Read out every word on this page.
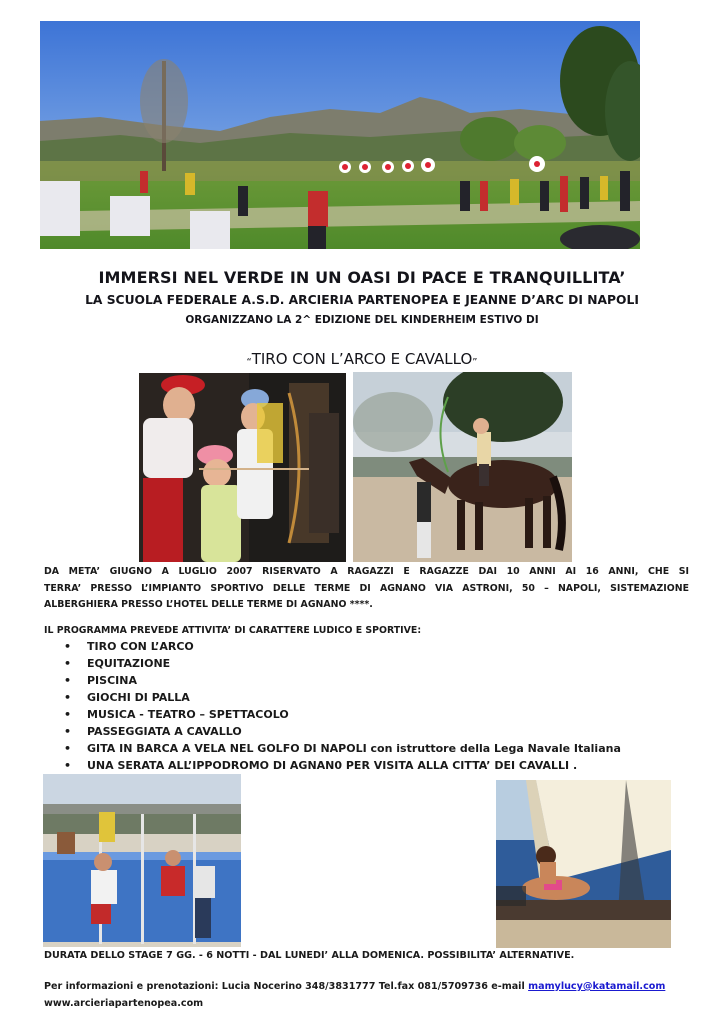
IMMERSI NEL VERDE IN UN OASI DI PACE E TRANQUILLITA’
LA SCUOLA FEDERALE A.S.D. ARCIERIA PARTENOPEA E JEANNE D’ARC DI NAPOLI
ORGANIZZANO LA 2^ EDIZIONE DEL KINDERHEIM ESTIVO DI
“TIRO CON L’ARCO E CAVALLO”
DA META’ GIUGNO A LUGLIO 2007 RISERVATO A RAGAZZI E RAGAZZE DAI 10 ANNI AI 16 ANNI, CHE SI
TERRA’ PRESSO L’IMPIANTO SPORTIVO DELLE TERME DI AGNANO VIA ASTRONI, 50 – NAPOLI, SISTEMAZIONE
ALBERGHIERA PRESSO L’HOTEL DELLE TERME DI AGNANO ****.
IL PROGRAMMA PREVEDE ATTIVITA’ DI CARATTERE LUDICO E SPORTIVE:
• TIRO CON L’ARCO
• EQUITAZIONE
• PISCINA
• GIOCHI DI PALLA
• MUSICA - TEATRO – SPETTACOLO
• PASSEGGIATA A CAVALLO
• GITA IN BARCA A VELA NEL GOLFO DI NAPOLI con istruttore della Lega Navale Italiana
• UNA SERATA ALL’IPPODROMO DI AGNAN0 PER VISITA ALLA CITTA’ DEI CAVALLI .
DURATA DELLO STAGE 7 GG. - 6 NOTTI - DAL LUNEDI’ ALLA DOMENICA. POSSIBILITA’ ALTERNATIVE.
Per informazioni e prenotazioni: Lucia Nocerino 348/3831777 Tel.fax 081/5709736 e-mail mamylucy@katamail.com
www.arcieriapartenopea.com
